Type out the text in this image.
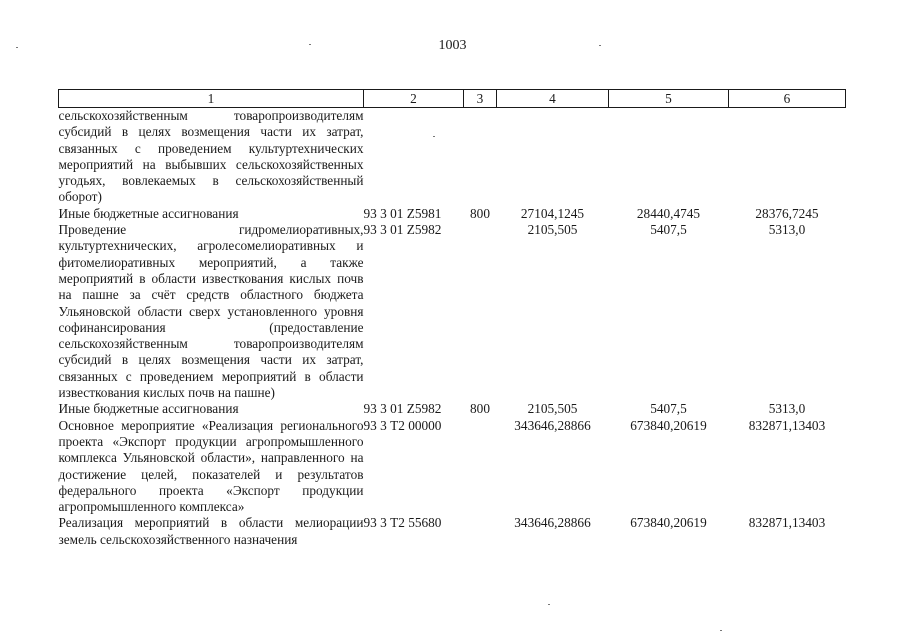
1003
1	2	3	4	5	6
сельскохозяйственным товаропроизводителям субсидий в целях возмещения части их затрат, связанных с проведением культуртехнических мероприятий на выбывших сельскохозяйственных угодьях, вовлекаемых в сельскохозяйственный оборот)					
Иные бюджетные ассигнования	93 3 01 Z5981	800	27104,1245	28440,4745	28376,7245
Проведение гидромелиоративных, культуртехнических, агролесомелиоративных и фитомелиоративных мероприятий, а также мероприятий в области известкования кислых почв на пашне за счёт средств областного бюджета Ульяновской области сверх установленного уровня софинансирования (предоставление сельскохозяйственным товаропроизводителям субсидий в целях возмещения части их затрат, связанных с проведением мероприятий в области известкования кислых почв на пашне)	93 3 01 Z5982		2105,505	5407,5	5313,0
Иные бюджетные ассигнования	93 3 01 Z5982	800	2105,505	5407,5	5313,0
Основное мероприятие «Реализация регионального проекта «Экспорт продукции агропромышленного комплекса Ульяновской области», направленного на достижение целей, показателей и результатов федерального проекта «Экспорт продукции агропромышленного комплекса»	93 3 Т2 00000		343646,28866	673840,20619	832871,13403
Реализация мероприятий в области мелиорации земель сельскохозяйственного назначения	93 3 Т2 55680		343646,28866	673840,20619	832871,13403
